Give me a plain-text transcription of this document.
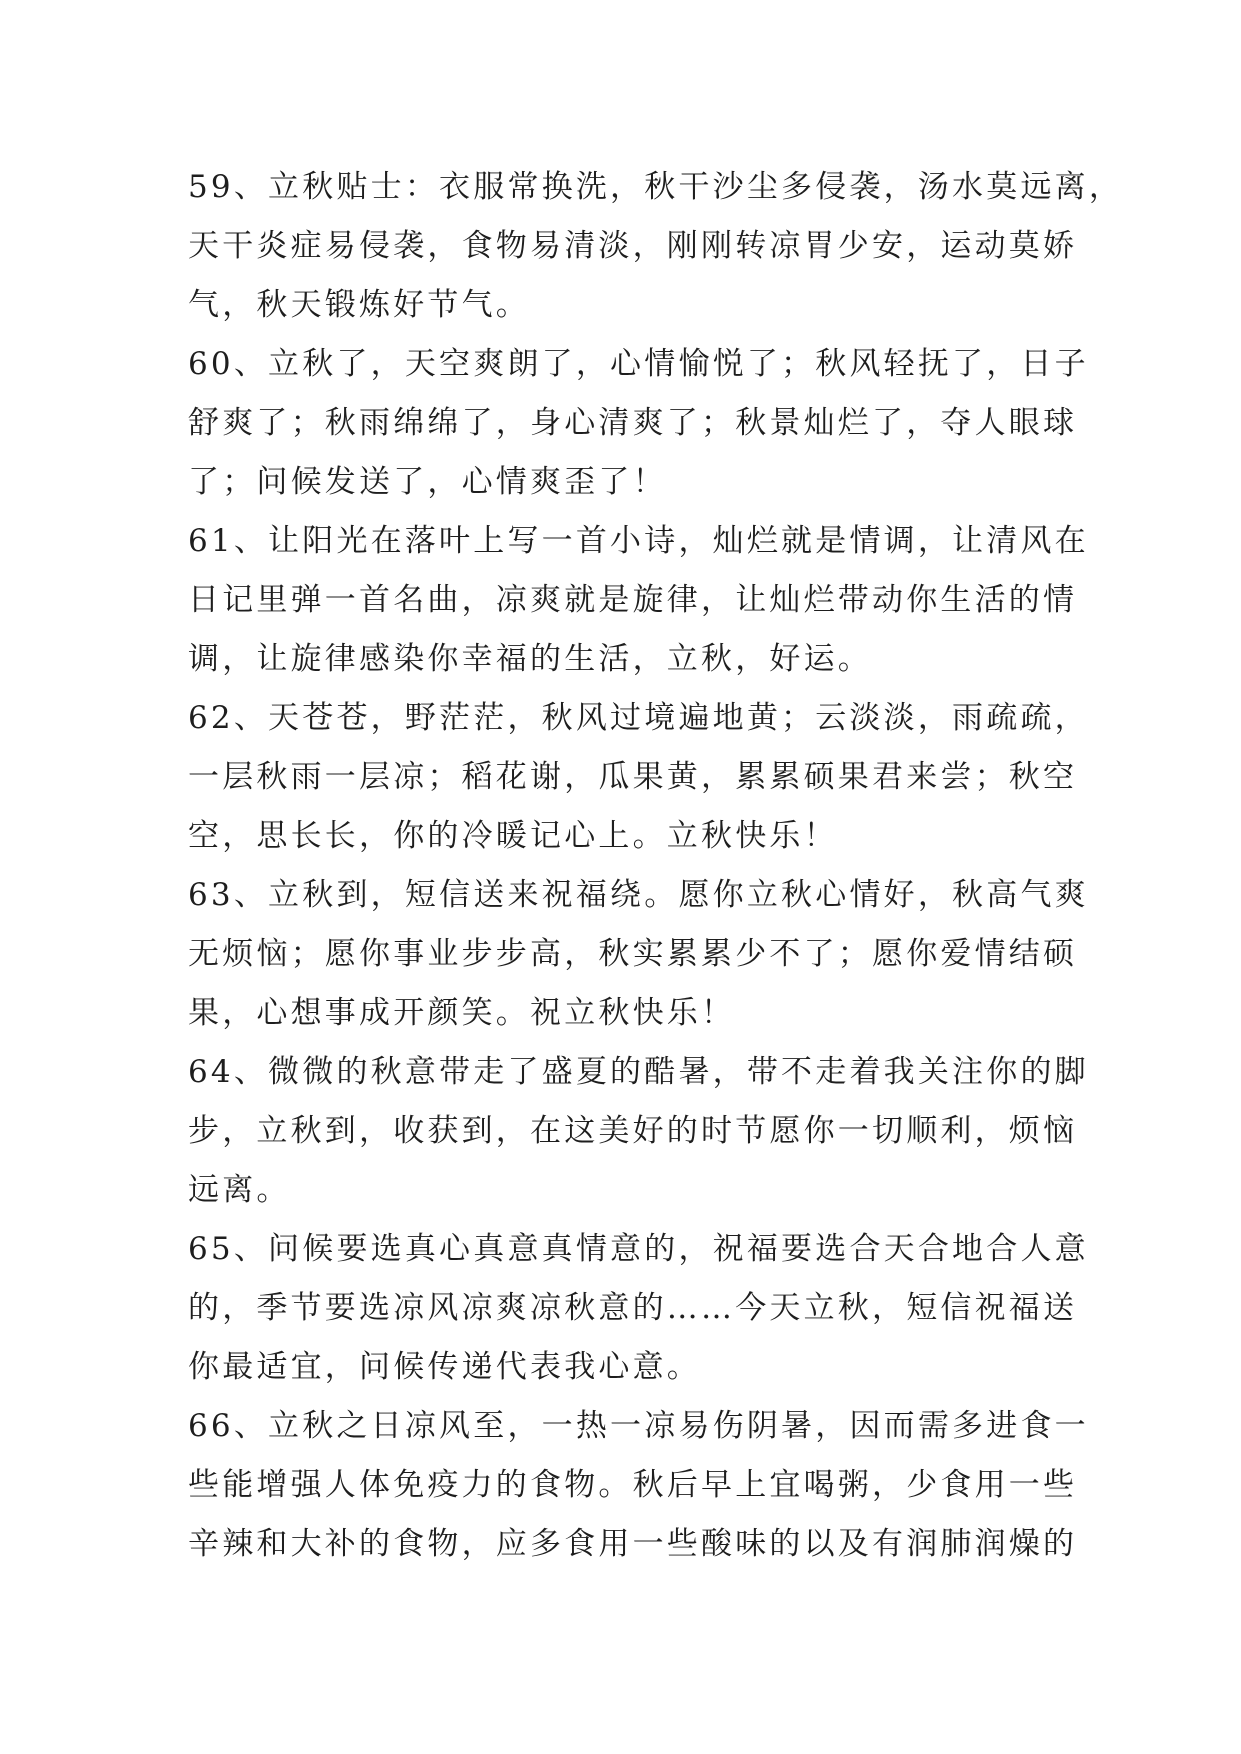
59、立秋贴士：衣服常换洗，秋干沙尘多侵袭，汤水莫远离，
天干炎症易侵袭，食物易清淡，刚刚转凉胃少安，运动莫娇
气，秋天锻炼好节气。
60、立秋了，天空爽朗了，心情愉悦了；秋风轻抚了，日子
舒爽了；秋雨绵绵了，身心清爽了；秋景灿烂了，夺人眼球
了；问候发送了，心情爽歪了！
61、让阳光在落叶上写一首小诗，灿烂就是情调，让清风在
日记里弹一首名曲，凉爽就是旋律，让灿烂带动你生活的情
调，让旋律感染你幸福的生活，立秋，好运。
62、天苍苍，野茫茫，秋风过境遍地黄；云淡淡，雨疏疏，
一层秋雨一层凉；稻花谢，瓜果黄，累累硕果君来尝；秋空
空，思长长，你的冷暖记心上。立秋快乐！
63、立秋到，短信送来祝福绕。愿你立秋心情好，秋高气爽
无烦恼；愿你事业步步高，秋实累累少不了；愿你爱情结硕
果，心想事成开颜笑。祝立秋快乐！
64、微微的秋意带走了盛夏的酷暑，带不走着我关注你的脚
步，立秋到，收获到，在这美好的时节愿你一切顺利，烦恼
远离。
65、问候要选真心真意真情意的，祝福要选合天合地合人意
的，季节要选凉风凉爽凉秋意的……今天立秋，短信祝福送
你最适宜，问候传递代表我心意。
66、立秋之日凉风至，一热一凉易伤阴暑，因而需多进食一
些能增强人体免疫力的食物。秋后早上宜喝粥，少食用一些
辛辣和大补的食物，应多食用一些酸味的以及有润肺润燥的
